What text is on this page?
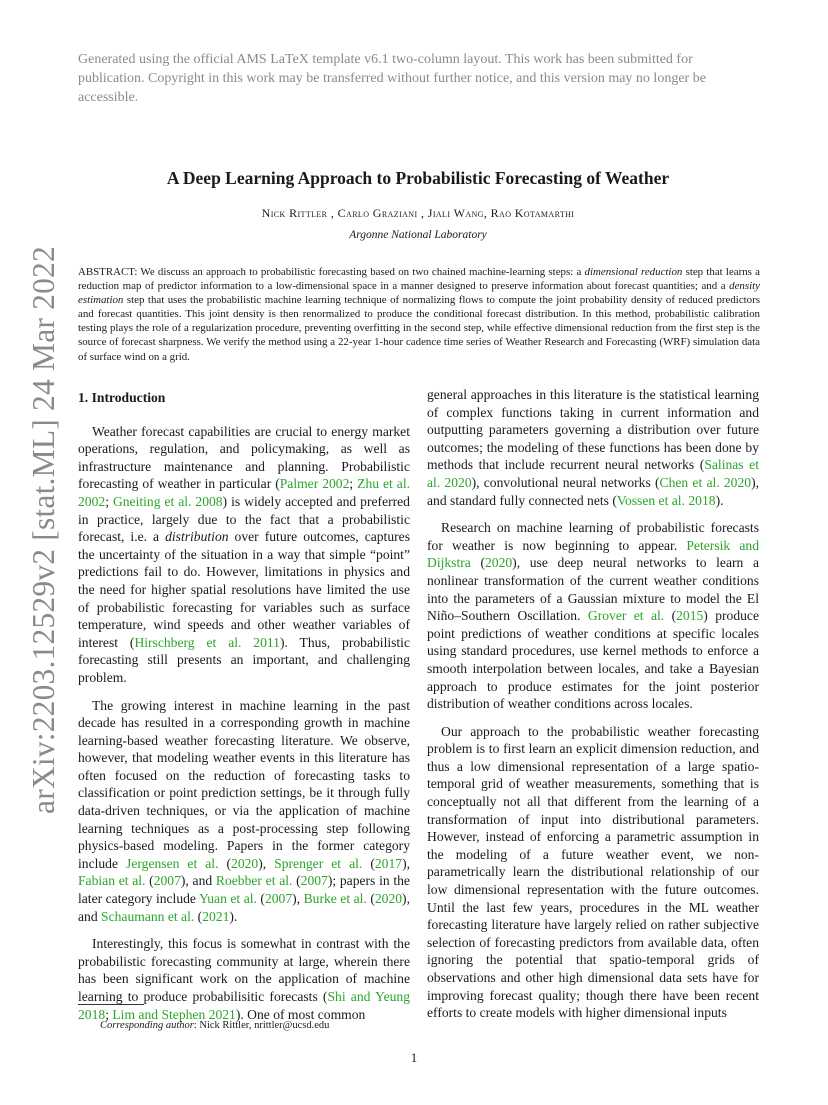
arXiv:2203.12529v2 [stat.ML] 24 Mar 2022
Generated using the official AMS LaTeX template v6.1 two-column layout. This work has been submitted for publication. Copyright in this work may be transferred without further notice, and this version may no longer be accessible.
A Deep Learning Approach to Probabilistic Forecasting of Weather
Nick Rittler , Carlo Graziani , Jiali Wang, Rao Kotamarthi
Argonne National Laboratory
ABSTRACT: We discuss an approach to probabilistic forecasting based on two chained machine-learning steps: a dimensional reduction step that learns a reduction map of predictor information to a low-dimensional space in a manner designed to preserve information about forecast quantities; and a density estimation step that uses the probabilistic machine learning technique of normalizing flows to compute the joint probability density of reduced predictors and forecast quantities. This joint density is then renormalized to produce the conditional forecast distribution. In this method, probabilistic calibration testing plays the role of a regularization procedure, preventing overfitting in the second step, while effective dimensional reduction from the first step is the source of forecast sharpness. We verify the method using a 22-year 1-hour cadence time series of Weather Research and Forecasting (WRF) simulation data of surface wind on a grid.
1. Introduction

Weather forecast capabilities are crucial to energy market operations, regulation, and policymaking, as well as infrastructure maintenance and planning. Probabilistic forecasting of weather in particular (Palmer 2002; Zhu et al. 2002; Gneiting et al. 2008) is widely accepted and preferred in practice, largely due to the fact that a probabilistic forecast, i.e. a distribution over future outcomes, captures the uncertainty of the situation in a way that simple “point” predictions fail to do. However, limitations in physics and the need for higher spatial resolutions have limited the use of probabilistic forecasting for variables such as surface temperature, wind speeds and other weather variables of interest (Hirschberg et al. 2011). Thus, probabilistic forecasting still presents an important, and challenging problem.

The growing interest in machine learning in the past decade has resulted in a corresponding growth in machine learning-based weather forecasting literature. We observe, however, that modeling weather events in this literature has often focused on the reduction of forecasting tasks to classification or point prediction settings, be it through fully data-driven techniques, or via the application of machine learning techniques as a post-processing step following physics-based modeling. Papers in the former category include Jergensen et al. (2020), Sprenger et al. (2017), Fabian et al. (2007), and Roebber et al. (2007); papers in the later category include Yuan et al. (2007), Burke et al. (2020), and Schaumann et al. (2021).

Interestingly, this focus is somewhat in contrast with the probabilistic forecasting community at large, wherein there has been significant work on the application of machine learning to produce probabilisitic forecasts (Shi and Yeung 2018; Lim and Stephen 2021). One of most common

general approaches in this literature is the statistical learning of complex functions taking in current information and outputting parameters governing a distribution over future outcomes; the modeling of these functions has been done by methods that include recurrent neural networks (Salinas et al. 2020), convolutional neural networks (Chen et al. 2020), and standard fully connected nets (Vossen et al. 2018).

Research on machine learning of probabilistic forecasts for weather is now beginning to appear. Petersik and Dijkstra (2020), use deep neural networks to learn a nonlinear transformation of the current weather conditions into the parameters of a Gaussian mixture to model the El Niño–Southern Oscillation. Grover et al. (2015) produce point predictions of weather conditions at specific locales using standard procedures, use kernel methods to enforce a smooth interpolation between locales, and take a Bayesian approach to produce estimates for the joint posterior distribution of weather conditions across locales.

Our approach to the probabilistic weather forecasting problem is to first learn an explicit dimension reduction, and thus a low dimensional representation of a large spatio-temporal grid of weather measurements, something that is conceptually not all that different from the learning of a transformation of input into distributional parameters. However, instead of enforcing a parametric assumption in the modeling of a future weather event, we non-parametrically learn the distributional relationship of our low dimensional representation with the future outcomes. Until the last few years, procedures in the ML weather forecasting literature have largely relied on rather subjective selection of forecasting predictors from available data, often ignoring the potential that spatio-temporal grids of observations and other high dimensional data sets have for improving forecast quality; though there have been recent efforts to create models with higher dimensional inputs

Corresponding author: Nick Rittler, nrittler@ucsd.edu
1
